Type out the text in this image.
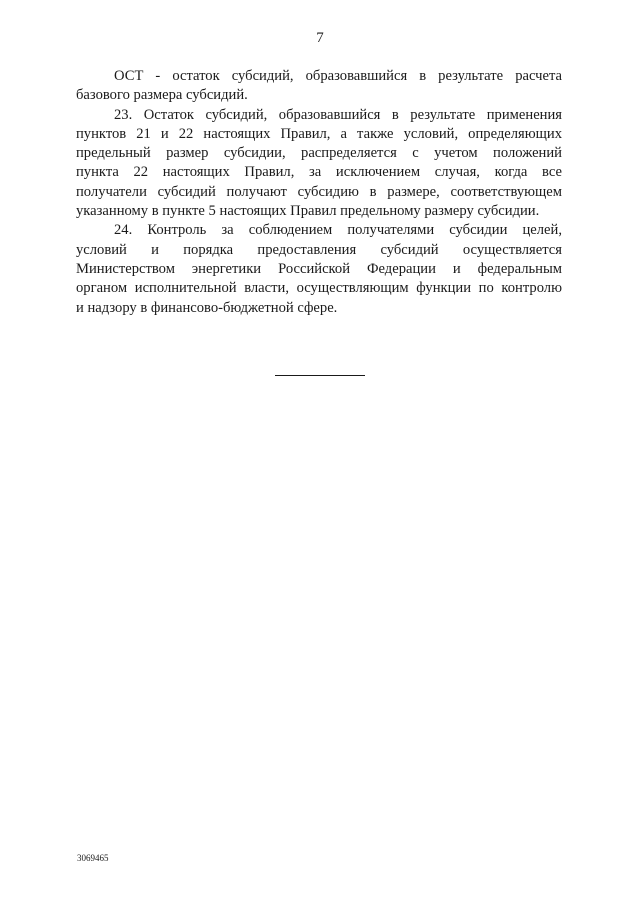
7
ОСТ - остаток субсидий, образовавшийся в результате расчета
базового размера субсидий.
23. Остаток субсидий, образовавшийся в результате применения
пунктов 21 и 22 настоящих Правил, а также условий, определяющих
предельный размер субсидии, распределяется с учетом положений
пункта 22 настоящих Правил, за исключением случая, когда все
получатели субсидий получают субсидию в размере, соответствующем
указанному в пункте 5 настоящих Правил предельному размеру субсидии.
24. Контроль за соблюдением получателями субсидии целей,
условий и порядка предоставления субсидий осуществляется
Министерством энергетики Российской Федерации и федеральным
органом исполнительной власти, осуществляющим функции по контролю
и надзору в финансово-бюджетной сфере.
3069465
